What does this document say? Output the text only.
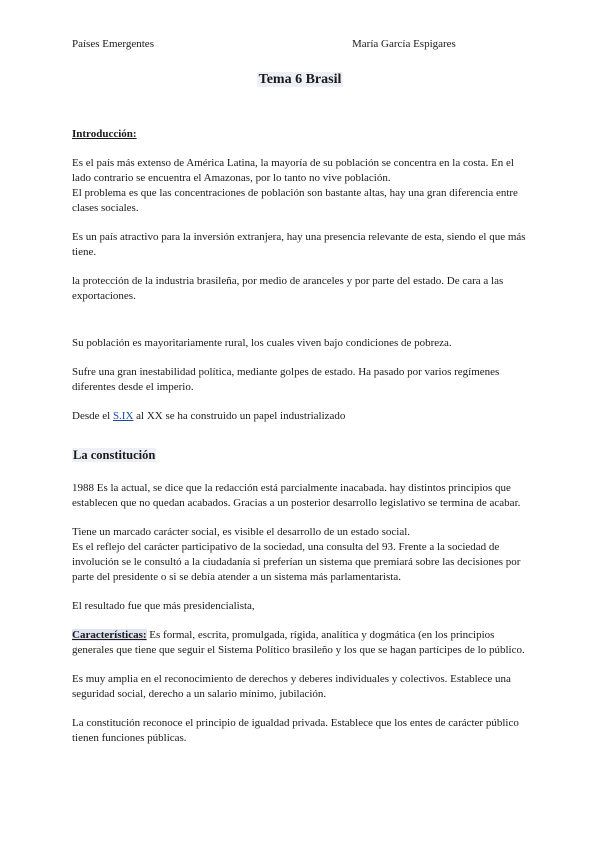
Países Emergentes	María García Espigares
Tema 6 Brasil

Introducción:

Es el país más extenso de América Latina, la mayoría de su población se concentra en la costa. En el lado contrario se encuentra el Amazonas, por lo tanto no vive población.

El problema es que las concentraciones de población son bastante altas, hay una gran diferencia entre clases sociales.

Es un país atractivo para la inversión extranjera, hay una presencia relevante de esta, siendo el que más tiene.

la protección de la industria brasileña, por medio de aranceles y por parte del estado. De cara a las exportaciones.

Su población es mayoritariamente rural, los cuales viven bajo condiciones de pobreza.

Sufre una gran inestabilidad política, mediante golpes de estado. Ha pasado por varios regímenes diferentes desde el imperio.

Desde el S.IX al XX se ha construido un papel industrializado

La constitución

1988 Es la actual, se dice que la redacción está parcialmente inacabada. hay distintos principios que establecen que no quedan acabados. Gracias a un posterior desarrollo legislativo se termina de acabar.

Tiene un marcado carácter social, es visible el desarrollo de un estado social.

Es el reflejo del carácter participativo de la sociedad, una consulta del 93. Frente a la sociedad de involución se le consultó a la ciudadanía si preferían un sistema que premiará sobre las decisiones por parte del presidente o si se debía atender a un sistema más parlamentarista.

El resultado fue que más presidencialista,

Características: Es formal, escrita, promulgada, rígida, analítica y dogmática (en los principios generales que tiene que seguir el Sistema Político brasileño y los que se hagan partícipes de lo público.

Es muy amplia en el reconocimiento de derechos y deberes individuales y colectivos. Establece una seguridad social, derecho a un salario mínimo, jubilación.

La constitución reconoce el principio de igualdad privada. Establece que los entes de carácter público tienen funciones públicas.
